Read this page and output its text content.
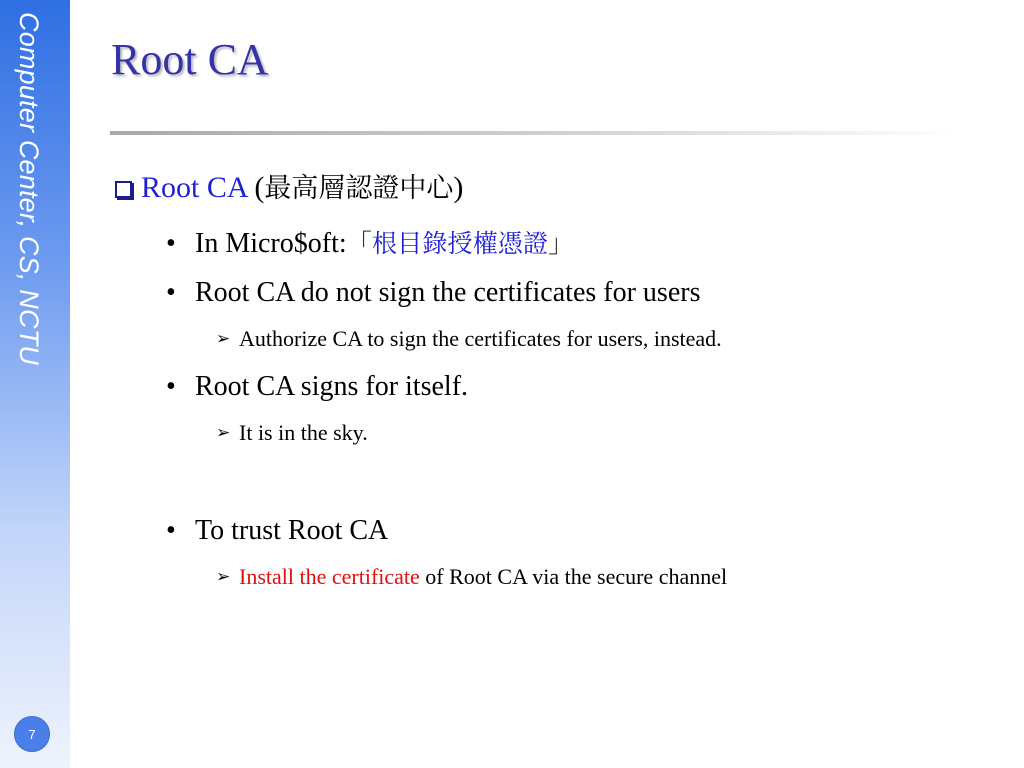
Computer Center, CS, NCTU
7
Root CA
Root CA (最高層認證中心)
• In Micro$oft:「根目錄授權憑證」
• Root CA do not sign the certificates for users
➢ Authorize CA to sign the certificates for users, instead.
• Root CA signs for itself.
➢ It is in the sky.
• To trust Root CA
➢ Install the certificate of Root CA via the secure channel
